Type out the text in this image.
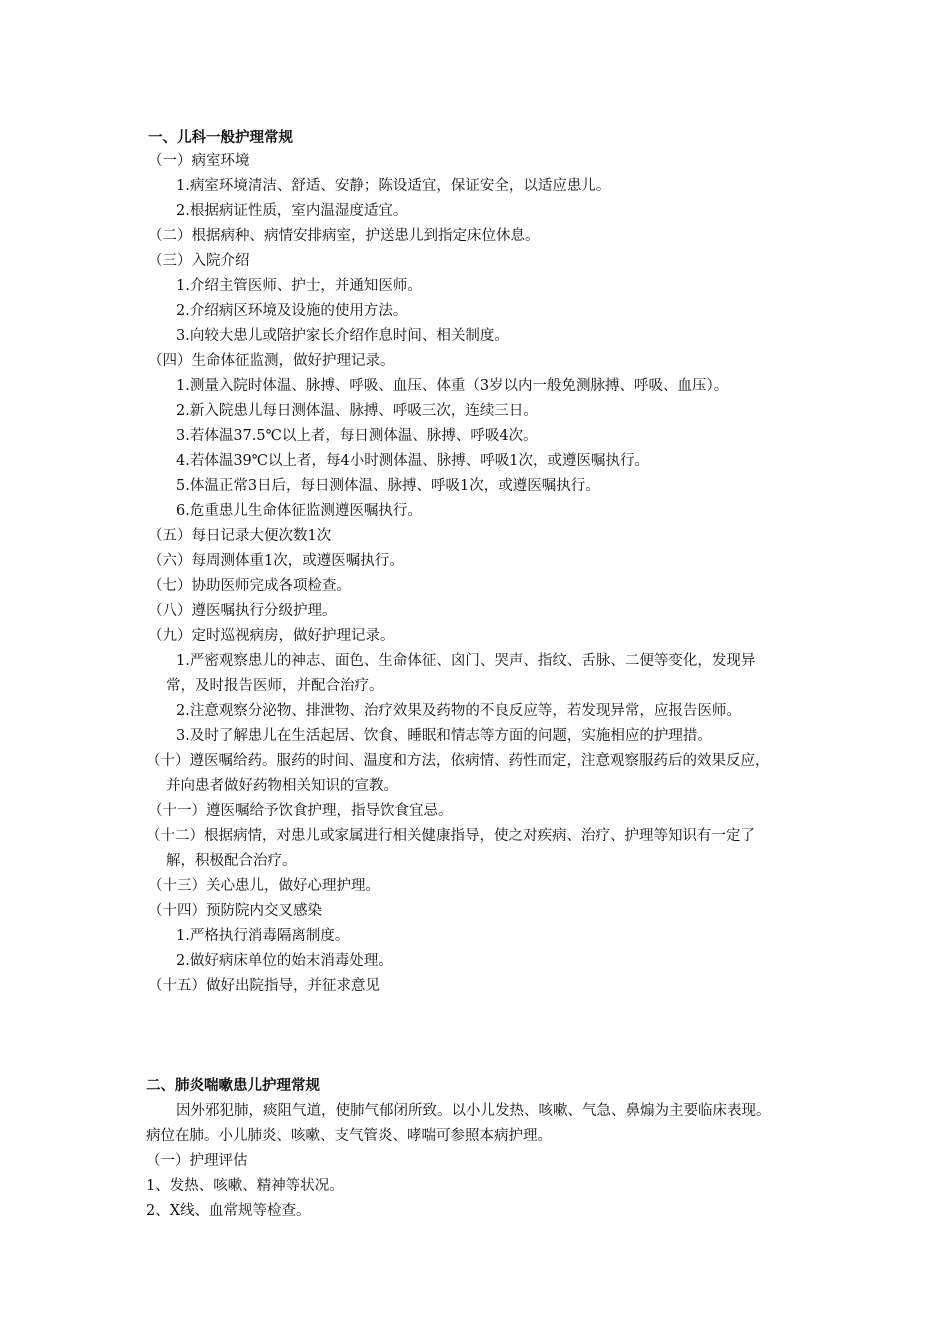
一、儿科一般护理常规
（一）病室环境
1.病室环境清洁、舒适、安静；陈设适宜，保证安全，以适应患儿。
2.根据病证性质，室内温湿度适宜。
（二）根据病种、病情安排病室，护送患儿到指定床位休息。
（三）入院介绍
1.介绍主管医师、护士，并通知医师。
2.介绍病区环境及设施的使用方法。
3.向较大患儿或陪护家长介绍作息时间、相关制度。
（四）生命体征监测，做好护理记录。
1.测量入院时体温、脉搏、呼吸、血压、体重（3岁以内一般免测脉搏、呼吸、血压）。
2.新入院患儿每日测体温、脉搏、呼吸三次，连续三日。
3.若体温37.5℃以上者，每日测体温、脉搏、呼吸4次。
4.若体温39℃以上者，每4小时测体温、脉搏、呼吸1次，或遵医嘱执行。
5.体温正常3日后，每日测体温、脉搏、呼吸1次，或遵医嘱执行。
6.危重患儿生命体征监测遵医嘱执行。
（五）每日记录大便次数1次
（六）每周测体重1次，或遵医嘱执行。
（七）协助医师完成各项检查。
（八）遵医嘱执行分级护理。
（九）定时巡视病房，做好护理记录。
1.严密观察患儿的神志、面色、生命体征、囟门、哭声、指纹、舌脉、二便等变化，发现异
常，及时报告医师，并配合治疗。
2.注意观察分泌物、排泄物、治疗效果及药物的不良反应等，若发现异常，应报告医师。
3.及时了解患儿在生活起居、饮食、睡眠和情志等方面的问题，实施相应的护理措。
（十）遵医嘱给药。服药的时间、温度和方法，依病情、药性而定，注意观察服药后的效果反应，
并向患者做好药物相关知识的宣教。
（十一）遵医嘱给予饮食护理，指导饮食宜忌。
（十二）根据病情，对患儿或家属进行相关健康指导，使之对疾病、治疗、护理等知识有一定了
解，积极配合治疗。
（十三）关心患儿，做好心理护理。
（十四）预防院内交叉感染
1.严格执行消毒隔离制度。
2.做好病床单位的始末消毒处理。
（十五）做好出院指导，并征求意见
二、肺炎喘嗽患儿护理常规
因外邪犯肺，痰阻气道，使肺气郁闭所致。以小儿发热、咳嗽、气急、鼻煽为主要临床表现。
病位在肺。小儿肺炎、咳嗽、支气管炎、哮喘可参照本病护理。
（一）护理评估
1、发热、咳嗽、精神等状况。
2、X线、血常规等检查。
